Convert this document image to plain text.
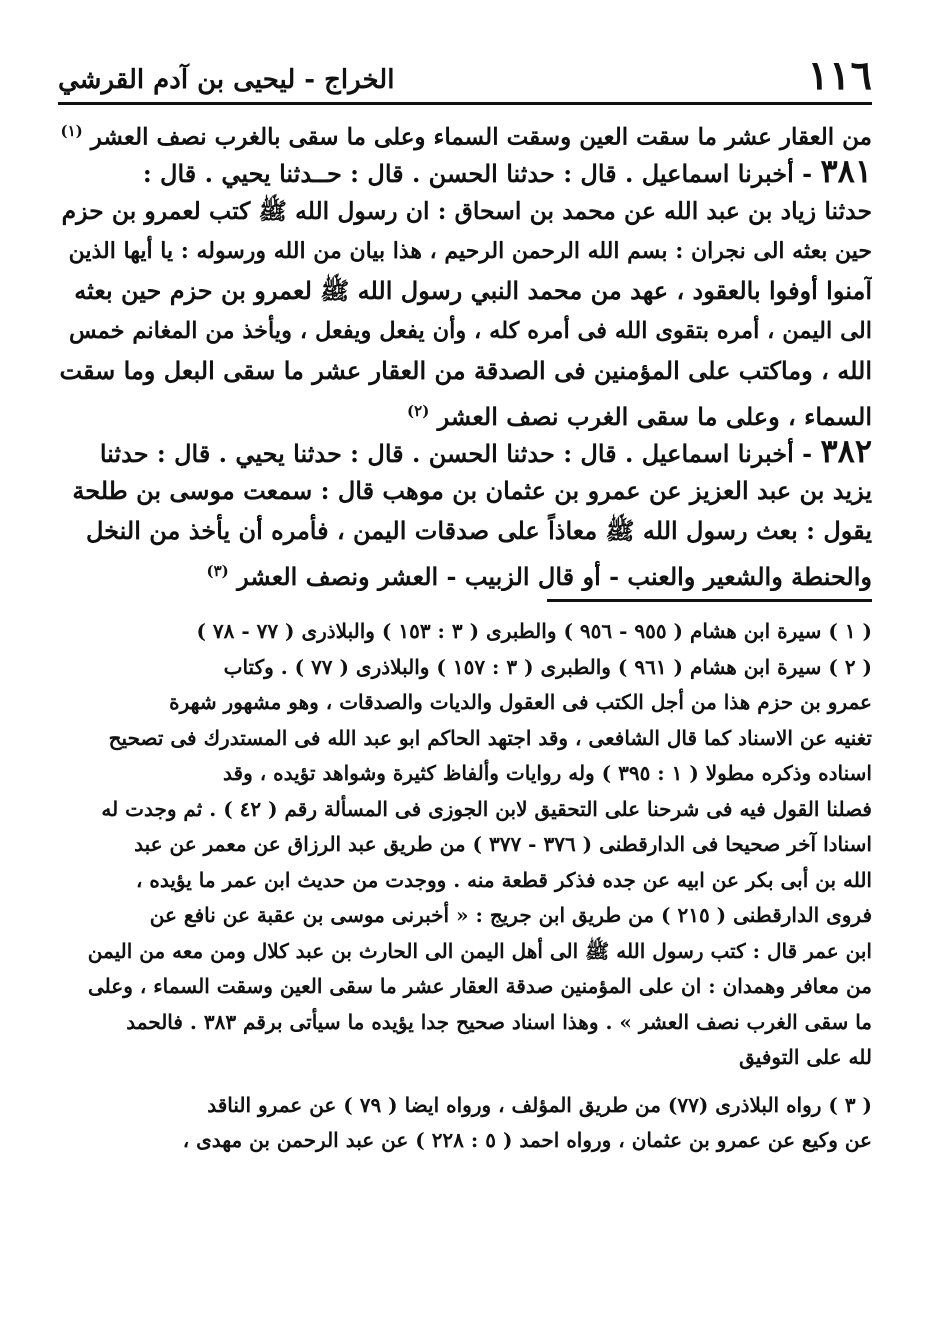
١١٦
الخراج - ليحيى بن آدم القرشي
من العقار عشر ما سقت العين وسقت السماء وعلى ما سقى بالغرب نصف العشر $^{(١)}$
٣٨١ - أخبرنا اسماعيل . قال : حدثنا الحسن . قال : حــدثنا يحيي . قال :
حدثنا زياد بن عبد الله عن محمد بن اسحاق : ان رسول الله ﷺ كتب لعمرو بن حزم
حين بعثه الى نجران : بسم الله الرحمن الرحيم ، هذا بيان من الله ورسوله : يا أيها الذين
آمنوا أوفوا بالعقود ، عهد من محمد النبي رسول الله ﷺ لعمرو بن حزم حين بعثه
الى اليمن ، أمره بتقوى الله فى أمره كله ، وأن يفعل ويفعل ، ويأخذ من المغانم خمس
الله ، وماكتب على المؤمنين فى الصدقة من العقار عشر ما سقى البعل وما سقت
السماء ، وعلى ما سقى الغرب نصف العشر $^{(٢)}$
٣٨٢ - أخبرنا اسماعيل . قال : حدثنا الحسن . قال : حدثنا يحيي . قال : حدثنا
يزيد بن عبد العزيز عن عمرو بن عثمان بن موهب قال : سمعت موسى بن طلحة
يقول : بعث رسول الله ﷺ معاذاً على صدقات اليمن ، فأمره أن يأخذ من النخل
والحنطة والشعير والعنب - أو قال الزبيب - العشر ونصف العشر $^{(٣)}$
( ١ ) سيرة ابن هشام ( ٩٥٥ - ٩٥٦ ) والطبرى ( ٣ : ١٥٣ ) والبلاذرى ( ٧٧ - ٧٨ )
( ٢ ) سيرة ابن هشام ( ٩٦١ ) والطبرى ( ٣ : ١٥٧ ) والبلاذرى ( ٧٧ ) . وكتاب
عمرو بن حزم هذا من أجل الكتب فى العقول والديات والصدقات ، وهو مشهور شهرة
تغنيه عن الاسناد كما قال الشافعى ، وقد اجتهد الحاكم ابو عبد الله فى المستدرك فى تصحيح
اسناده وذكره مطولا ( ١ : ٣٩٥ ) وله روايات وألفاظ كثيرة وشواهد تؤيده ، وقد
فصلنا القول فيه فى شرحنا على التحقيق لابن الجوزى فى المسألة رقم ( ٤٢ ) . ثم وجدت له
اسنادا آخر صحيحا فى الدارقطنى ( ٣٧٦ - ٣٧٧ ) من طريق عبد الرزاق عن معمر عن عبد
الله بن أبى بكر عن ابيه عن جده فذكر قطعة منه . ووجدت من حديث ابن عمر ما يؤيده ،
فروى الدارقطنى ( ٢١٥ ) من طريق ابن جريج : « أخبرنى موسى بن عقبة عن نافع عن
ابن عمر قال : كتب رسول الله ﷺ الى أهل اليمن الى الحارث بن عبد كلال ومن معه من اليمن
من معافر وهمدان : ان على المؤمنين صدقة العقار عشر ما سقى العين وسقت السماء ، وعلى
ما سقى الغرب نصف العشر » . وهذا اسناد صحيح جدا يؤيده ما سيأتى برقم ٣٨٣ . فالحمد
لله على التوفيق
( ٣ ) رواه البلاذرى (٧٧) من طريق المؤلف ، ورواه ايضا ( ٧٩ ) عن عمرو الناقد
عن وكيع عن عمرو بن عثمان ، ورواه احمد ( ٥ : ٢٢٨ ) عن عبد الرحمن بن مهدى ،
